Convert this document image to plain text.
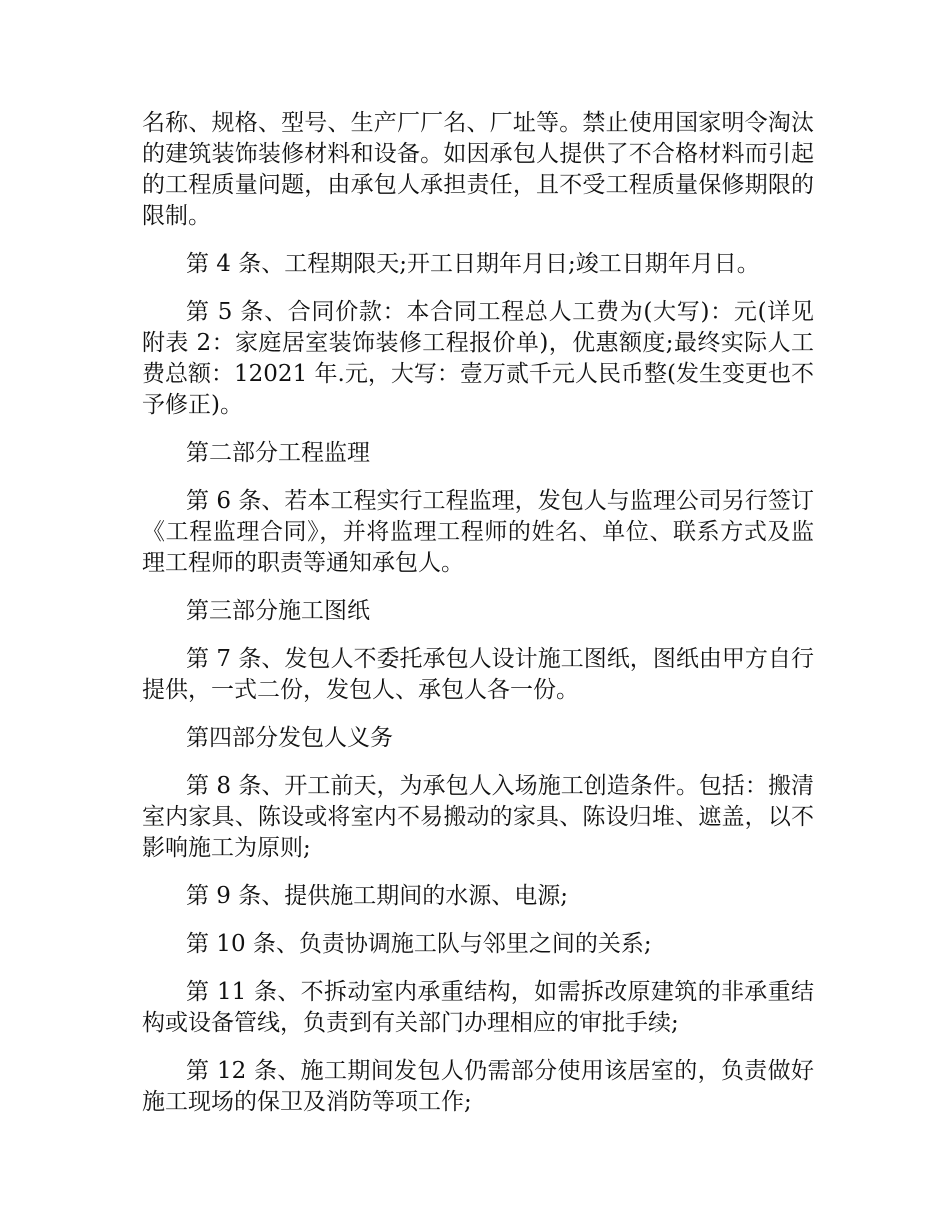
名称、规格、型号、生产厂厂名、厂址等。禁止使用国家明令淘汰的建筑装饰装修材料和设备。如因承包人提供了不合格材料而引起的工程质量问题，由承包人承担责任，且不受工程质量保修期限的限制。

第 4 条、工程期限天;开工日期年月日;竣工日期年月日。

第 5 条、合同价款：本合同工程总人工费为(大写)：元(详见附表 2：家庭居室装饰装修工程报价单)，优惠额度;最终实际人工费总额：12021 年.元，大写：壹万贰千元人民币整(发生变更也不予修正)。

第二部分工程监理

第 6 条、若本工程实行工程监理，发包人与监理公司另行签订《工程监理合同》，并将监理工程师的姓名、单位、联系方式及监理工程师的职责等通知承包人。

第三部分施工图纸

第 7 条、发包人不委托承包人设计施工图纸，图纸由甲方自行提供，一式二份，发包人、承包人各一份。

第四部分发包人义务

第 8 条、开工前天，为承包人入场施工创造条件。包括：搬清室内家具、陈设或将室内不易搬动的家具、陈设归堆、遮盖，以不影响施工为原则;

第 9 条、提供施工期间的水源、电源;

第 10 条、负责协调施工队与邻里之间的关系;

第 11 条、不拆动室内承重结构，如需拆改原建筑的非承重结构或设备管线，负责到有关部门办理相应的审批手续;

第 12 条、施工期间发包人仍需部分使用该居室的，负责做好施工现场的保卫及消防等项工作;
